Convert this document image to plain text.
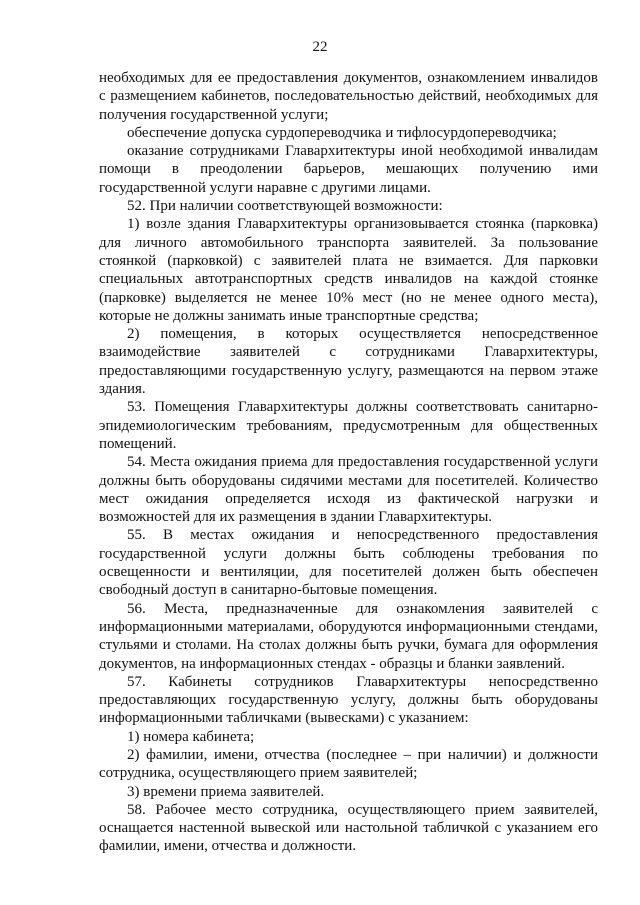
22
необходимых для ее предоставления документов, ознакомлением инвалидов
с размещением кабинетов, последовательностью действий, необходимых для
получения государственной услуги;
обеспечение допуска сурдопереводчика и тифлосурдопереводчика;
оказание сотрудниками Главархитектуры иной необходимой инвалидам
помощи в преодолении барьеров, мешающих получению ими
государственной услуги наравне с другими лицами.
52. При наличии соответствующей возможности:
1) возле здания Главархитектуры организовывается стоянка (парковка)
для личного автомобильного транспорта заявителей. За пользование
стоянкой (парковкой) с заявителей плата не взимается. Для парковки
специальных автотранспортных средств инвалидов на каждой стоянке
(парковке) выделяется не менее 10% мест (но не менее одного места),
которые не должны занимать иные транспортные средства;
2) помещения, в которых осуществляется непосредственное
взаимодействие заявителей с сотрудниками Главархитектуры,
предоставляющими государственную услугу, размещаются на первом этаже
здания.
53. Помещения Главархитектуры должны соответствовать санитарно-
эпидемиологическим требованиям, предусмотренным для общественных
помещений.
54. Места ожидания приема для предоставления государственной услуги
должны быть оборудованы сидячими местами для посетителей. Количество
мест ожидания определяется исходя из фактической нагрузки и
возможностей для их размещения в здании Главархитектуры.
55. В местах ожидания и непосредственного предоставления
государственной услуги должны быть соблюдены требования по
освещенности и вентиляции, для посетителей должен быть обеспечен
свободный доступ в санитарно-бытовые помещения.
56. Места, предназначенные для ознакомления заявителей с
информационными материалами, оборудуются информационными стендами,
стульями и столами. На столах должны быть ручки, бумага для оформления
документов, на информационных стендах - образцы и бланки заявлений.
57. Кабинеты сотрудников Главархитектуры непосредственно
предоставляющих государственную услугу, должны быть оборудованы
информационными табличками (вывесками) с указанием:
1) номера кабинета;
2) фамилии, имени, отчества (последнее – при наличии) и должности
сотрудника, осуществляющего прием заявителей;
3) времени приема заявителей.
58. Рабочее место сотрудника, осуществляющего прием заявителей,
оснащается настенной вывеской или настольной табличкой с указанием его
фамилии, имени, отчества и должности.
